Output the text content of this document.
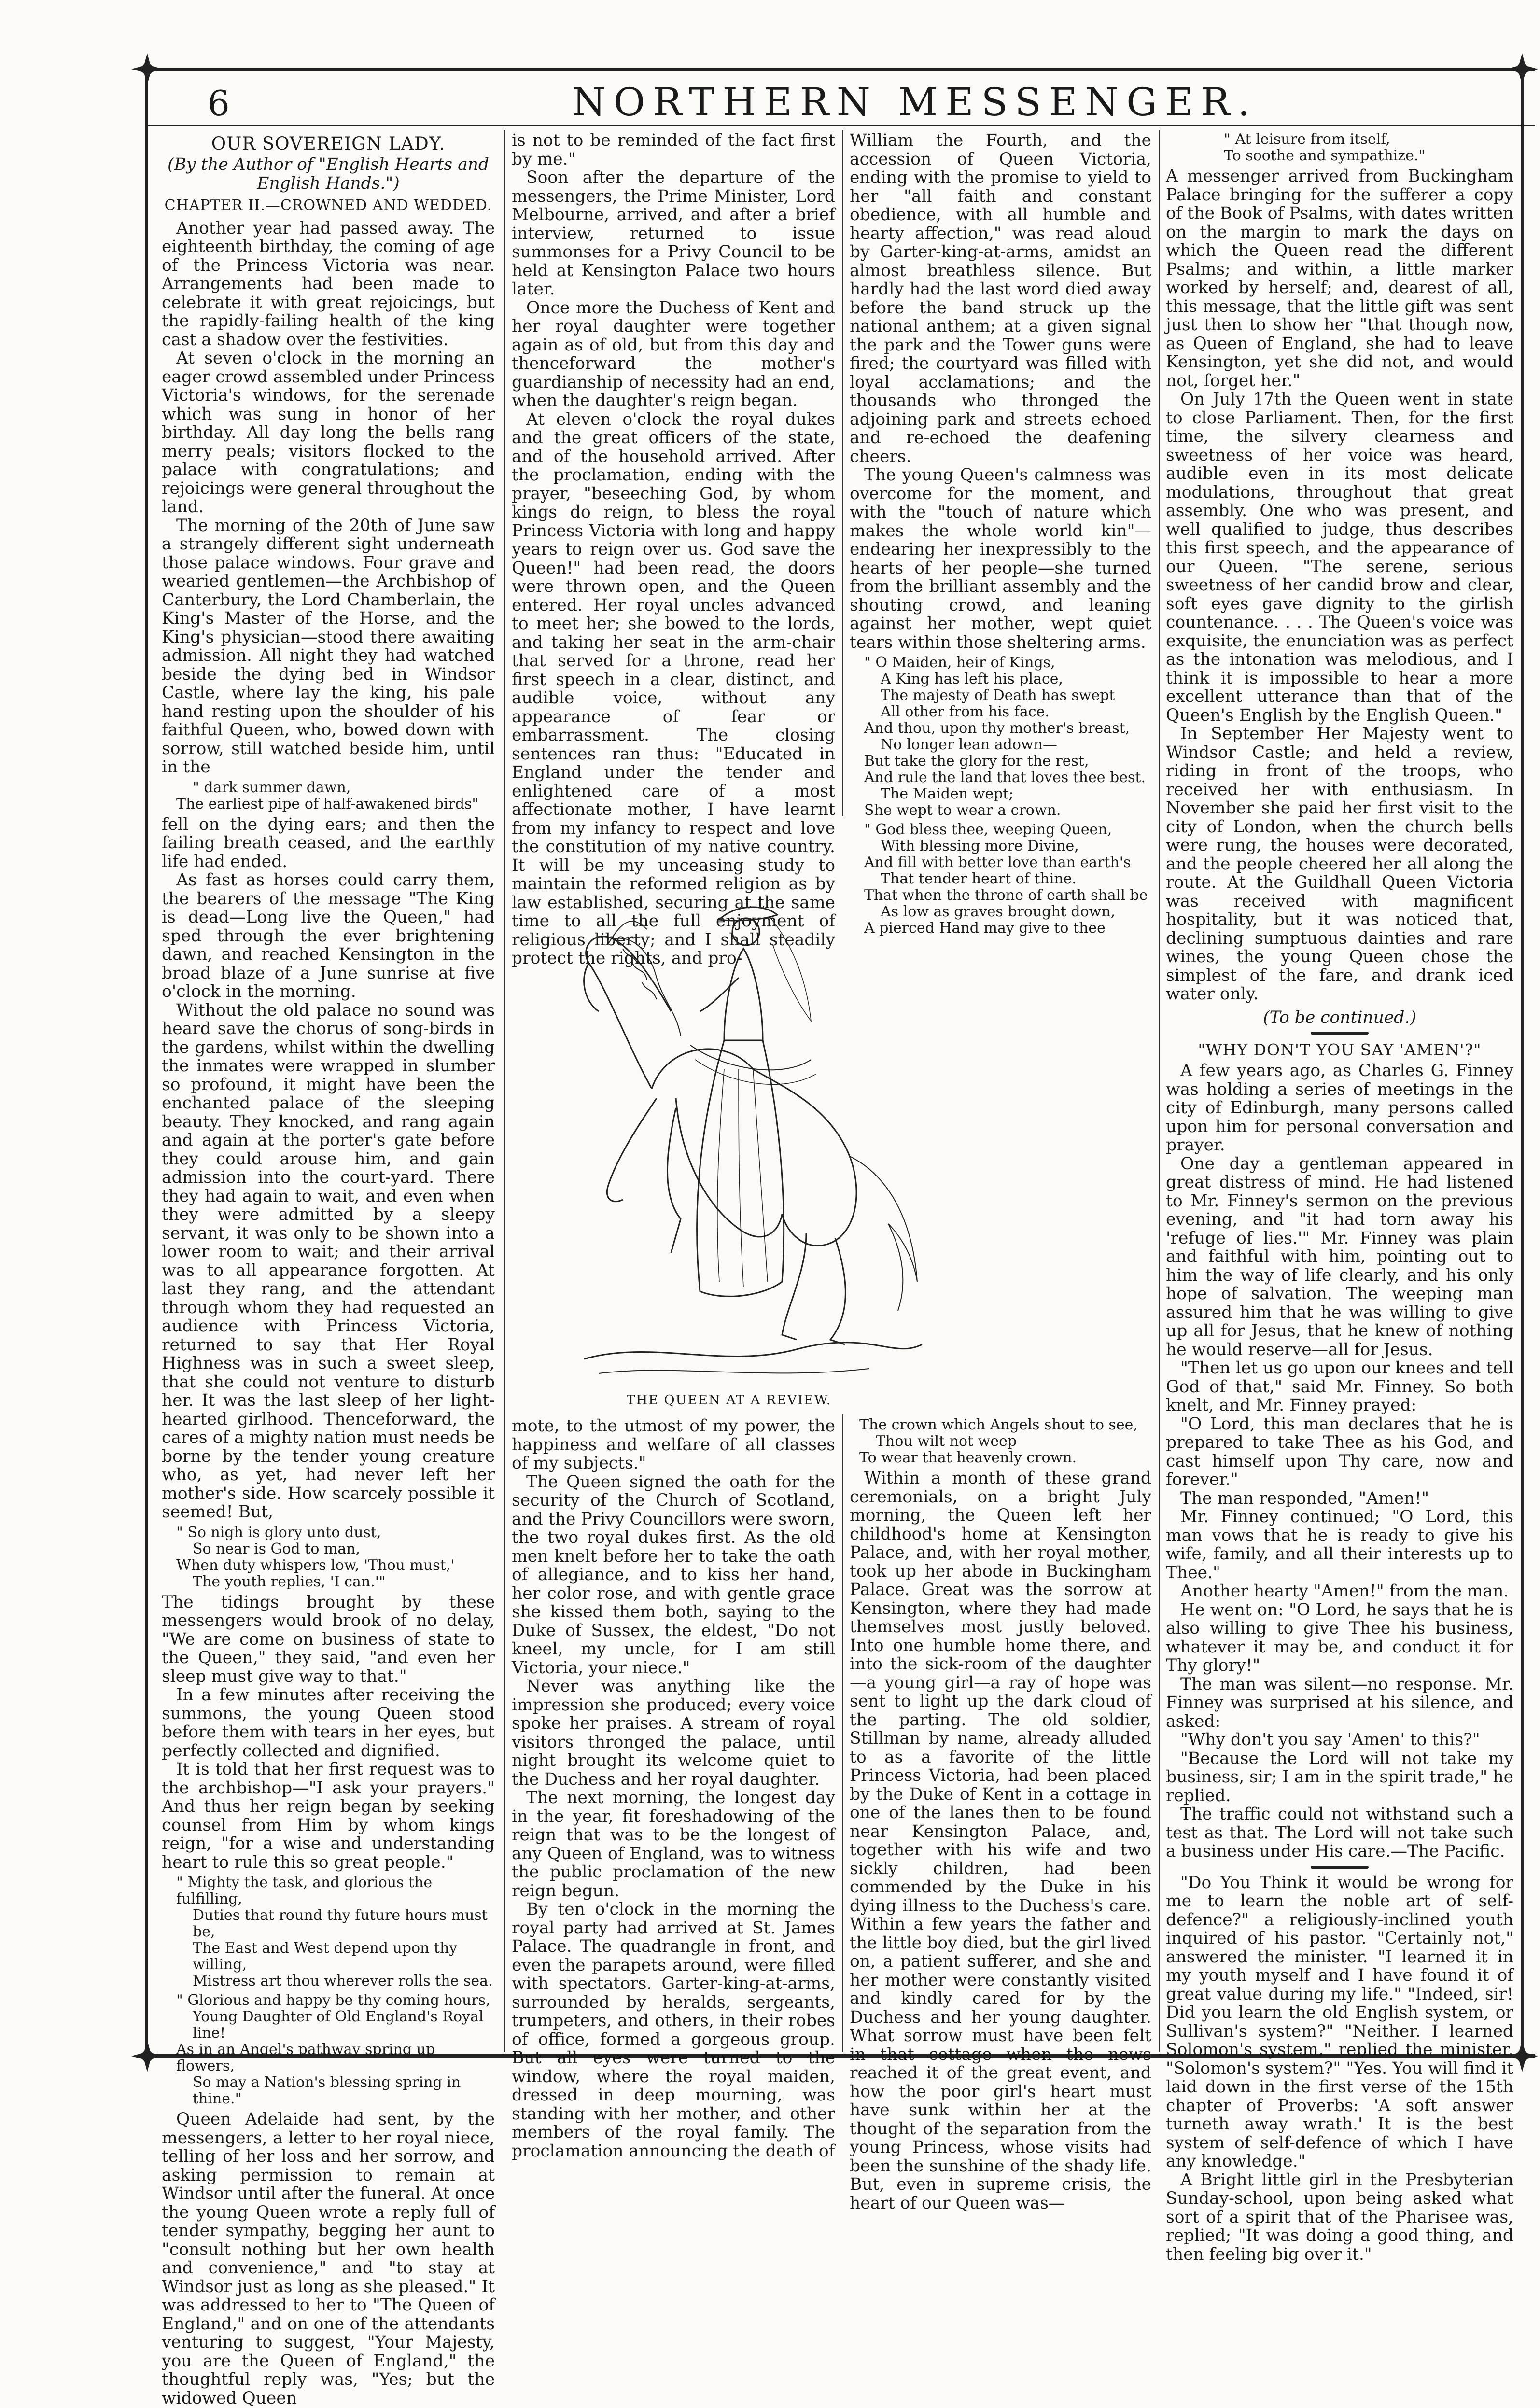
6	NORTHERN MESSENGER.

OUR SOVEREIGN LADY.

(By the Author of "English Hearts and English Hands.")

CHAPTER II.—CROWNED AND WEDDED.

Another year had passed away. The eighteenth birthday, the coming of age of the Princess Victoria was near. Arrangements had been made to celebrate it with great rejoicings, but the rapidly-failing health of the king cast a shadow over the festivities.

At seven o'clock in the morning an eager crowd assembled under Princess Victoria's windows, for the serenade which was sung in honor of her birthday. All day long the bells rang merry peals; visitors flocked to the palace with congratulations; and rejoicings were general throughout the land.

The morning of the 20th of June saw a strangely different sight underneath those palace windows. Four grave and wearied gentlemen—the Archbishop of Canterbury, the Lord Chamberlain, the King's Master of the Horse, and the King's physician—stood there awaiting admission. All night they had watched beside the dying bed in Windsor Castle, where lay the king, his pale hand resting upon the shoulder of his faithful Queen, who, bowed down with sorrow, still watched beside him, until in the

" dark summer dawn,
The earliest pipe of half-awakened birds"

fell on the dying ears; and then the failing breath ceased, and the earthly life had ended.

As fast as horses could carry them, the bearers of the message "The King is dead—Long live the Queen," had sped through the ever brightening dawn, and reached Kensington in the broad blaze of a June sunrise at five o'clock in the morning.

Without the old palace no sound was heard save the chorus of song-birds in the gardens, whilst within the dwelling the inmates were wrapped in slumber so profound, it might have been the enchanted palace of the sleeping beauty. They knocked, and rang again and again at the porter's gate before they could arouse him, and gain admission into the court-yard. There they had again to wait, and even when they were admitted by a sleepy servant, it was only to be shown into a lower room to wait; and their arrival was to all appearance forgotten. At last they rang, and the attendant through whom they had requested an audience with Princess Victoria, returned to say that Her Royal Highness was in such a sweet sleep, that she could not venture to disturb her. It was the last sleep of her light-hearted girlhood. Thenceforward, the cares of a mighty nation must needs be borne by the tender young creature who, as yet, had never left her mother's side. How scarcely possible it seemed! But,

" So nigh is glory unto dust,
So near is God to man,
When duty whispers low, 'Thou must,'
The youth replies, 'I can.'"

The tidings brought by these messengers would brook of no delay, "We are come on business of state to the Queen," they said, "and even her sleep must give way to that."

In a few minutes after receiving the summons, the young Queen stood before them with tears in her eyes, but perfectly collected and dignified.

It is told that her first request was to the archbishop—"I ask your prayers." And thus her reign began by seeking counsel from Him by whom kings reign, "for a wise and understanding heart to rule this so great people."

" Mighty the task, and glorious the fulfilling,
Duties that round thy future hours must be,
The East and West depend upon thy willing,
Mistress art thou wherever rolls the sea.
" Glorious and happy be thy coming hours,
Young Daughter of Old England's Royal line!
As in an Angel's pathway spring up flowers,
So may a Nation's blessing spring in thine."

Queen Adelaide had sent, by the messengers, a letter to her royal niece, telling of her loss and her sorrow, and asking permission to remain at Windsor until after the funeral. At once the young Queen wrote a reply full of tender sympathy, begging her aunt to "consult nothing but her own health and convenience," and "to stay at Windsor just as long as she pleased." It was addressed to her to "The Queen of England," and on one of the attendants venturing to suggest, "Your Majesty, you are the Queen of England," the thoughtful reply was, "Yes; but the widowed Queen

is not to be reminded of the fact first by me."

Soon after the departure of the messengers, the Prime Minister, Lord Melbourne, arrived, and after a brief interview, returned to issue summonses for a Privy Council to be held at Kensington Palace two hours later.

Once more the Duchess of Kent and her royal daughter were together again as of old, but from this day and thenceforward the mother's guardianship of necessity had an end, when the daughter's reign began.

At eleven o'clock the royal dukes and the great officers of the state, and of the household arrived. After the proclamation, ending with the prayer, "beseeching God, by whom kings do reign, to bless the royal Princess Victoria with long and happy years to reign over us. God save the Queen!" had been read, the doors were thrown open, and the Queen entered. Her royal uncles advanced to meet her; she bowed to the lords, and taking her seat in the arm-chair that served for a throne, read her first speech in a clear, distinct, and audible voice, without any appearance of fear or embarrassment. The closing sentences ran thus: "Educated in England under the tender and enlightened care of a most affectionate mother, I have learnt from my infancy to respect and love the constitution of my native country. It will be my unceasing study to maintain the reformed religion as by law established, securing at the same time to all the full enjoyment of religious liberty; and I shall steadily protect the rights, and pro-

William the Fourth, and the accession of Queen Victoria, ending with the promise to yield to her "all faith and constant obedience, with all humble and hearty affection," was read aloud by Garter-king-at-arms, amidst an almost breathless silence. But hardly had the last word died away before the band struck up the national anthem; at a given signal the park and the Tower guns were fired; the courtyard was filled with loyal acclamations; and the thousands who thronged the adjoining park and streets echoed and re-echoed the deafening cheers.

The young Queen's calmness was overcome for the moment, and with the "touch of nature which makes the whole world kin"—endearing her inexpressibly to the hearts of her people—she turned from the brilliant assembly and the shouting crowd, and leaning against her mother, wept quiet tears within those sheltering arms.

" O Maiden, heir of Kings,
A King has left his place,
The majesty of Death has swept
All other from his face.
And thou, upon thy mother's breast,
No longer lean adown—
But take the glory for the rest,
And rule the land that loves thee best.
The Maiden wept;
She wept to wear a crown.
" God bless thee, weeping Queen,
With blessing more Divine,
And fill with better love than earth's
That tender heart of thine.
That when the throne of earth shall be
As low as graves brought down,
A pierced Hand may give to thee
THE QUEEN AT A REVIEW.

mote, to the utmost of my power, the happiness and welfare of all classes of my subjects."

The Queen signed the oath for the security of the Church of Scotland, and the Privy Councillors were sworn, the two royal dukes first. As the old men knelt before her to take the oath of allegiance, and to kiss her hand, her color rose, and with gentle grace she kissed them both, saying to the Duke of Sussex, the eldest, "Do not kneel, my uncle, for I am still Victoria, your niece."

Never was anything like the impression she produced; every voice spoke her praises. A stream of royal visitors thronged the palace, until night brought its welcome quiet to the Duchess and her royal daughter.

The next morning, the longest day in the year, fit foreshadowing of the reign that was to be the longest of any Queen of England, was to witness the public proclamation of the new reign begun.

By ten o'clock in the morning the royal party had arrived at St. James Palace. The quadrangle in front, and even the parapets around, were filled with spectators. Garter-king-at-arms, surrounded by heralds, sergeants, trumpeters, and others, in their robes of office, formed a gorgeous group. But all eyes were turned to the window, where the royal maiden, dressed in deep mourning, was standing with her mother, and other members of the royal family. The proclamation announcing the death of

The crown which Angels shout to see,
Thou wilt not weep
To wear that heavenly crown.

Within a month of these grand ceremonials, on a bright July morning, the Queen left her childhood's home at Kensington Palace, and, with her royal mother, took up her abode in Buckingham Palace. Great was the sorrow at Kensington, where they had made themselves most justly beloved. Into one humble home there, and into the sick-room of the daughter—a young girl—a ray of hope was sent to light up the dark cloud of the parting. The old soldier, Stillman by name, already alluded to as a favorite of the little Princess Victoria, had been placed by the Duke of Kent in a cottage in one of the lanes then to be found near Kensington Palace, and, together with his wife and two sickly children, had been commended by the Duke in his dying illness to the Duchess's care. Within a few years the father and the little boy died, but the girl lived on, a patient sufferer, and she and her mother were constantly visited and kindly cared for by the Duchess and her young daughter. What sorrow must have been felt in that cottage when the news reached it of the great event, and how the poor girl's heart must have sunk within her at the thought of the separation from the young Princess, whose visits had been the sunshine of the shady life. But, even in supreme crisis, the heart of our Queen was—

" At leisure from itself,
To soothe and sympathize."

A messenger arrived from Buckingham Palace bringing for the sufferer a copy of the Book of Psalms, with dates written on the margin to mark the days on which the Queen read the different Psalms; and within, a little marker worked by herself; and, dearest of all, this message, that the little gift was sent just then to show her "that though now, as Queen of England, she had to leave Kensington, yet she did not, and would not, forget her."

On July 17th the Queen went in state to close Parliament. Then, for the first time, the silvery clearness and sweetness of her voice was heard, audible even in its most delicate modulations, throughout that great assembly. One who was present, and well qualified to judge, thus describes this first speech, and the appearance of our Queen. "The serene, serious sweetness of her candid brow and clear, soft eyes gave dignity to the girlish countenance. . . . The Queen's voice was exquisite, the enunciation was as perfect as the intonation was melodious, and I think it is impossible to hear a more excellent utterance than that of the Queen's English by the English Queen."

In September Her Majesty went to Windsor Castle; and held a review, riding in front of the troops, who received her with enthusiasm. In November she paid her first visit to the city of London, when the church bells were rung, the houses were decorated, and the people cheered her all along the route. At the Guildhall Queen Victoria was received with magnificent hospitality, but it was noticed that, declining sumptuous dainties and rare wines, the young Queen chose the simplest of the fare, and drank iced water only.

(To be continued.)

"WHY DON'T YOU SAY 'AMEN'?"

A few years ago, as Charles G. Finney was holding a series of meetings in the city of Edinburgh, many persons called upon him for personal conversation and prayer.

One day a gentleman appeared in great distress of mind. He had listened to Mr. Finney's sermon on the previous evening, and "it had torn away his 'refuge of lies.'" Mr. Finney was plain and faithful with him, pointing out to him the way of life clearly, and his only hope of salvation. The weeping man assured him that he was willing to give up all for Jesus, that he knew of nothing he would reserve—all for Jesus.

"Then let us go upon our knees and tell God of that," said Mr. Finney. So both knelt, and Mr. Finney prayed:

"O Lord, this man declares that he is prepared to take Thee as his God, and cast himself upon Thy care, now and forever."

The man responded, "Amen!"

Mr. Finney continued; "O Lord, this man vows that he is ready to give his wife, family, and all their interests up to Thee."

Another hearty "Amen!" from the man.

He went on: "O Lord, he says that he is also willing to give Thee his business, whatever it may be, and conduct it for Thy glory!"

The man was silent—no response. Mr. Finney was surprised at his silence, and asked:

"Why don't you say 'Amen' to this?"

"Because the Lord will not take my business, sir; I am in the spirit trade," he replied.

The traffic could not withstand such a test as that. The Lord will not take such a business under His care.—The Pacific.

"Do You Think it would be wrong for me to learn the noble art of self-defence?" a religiously-inclined youth inquired of his pastor. "Certainly not," answered the minister. "I learned it in my youth myself and I have found it of great value during my life." "Indeed, sir! Did you learn the old English system, or Sullivan's system?" "Neither. I learned Solomon's system," replied the minister. "Solomon's system?" "Yes. You will find it laid down in the first verse of the 15th chapter of Proverbs: 'A soft answer turneth away wrath.' It is the best system of self-defence of which I have any knowledge."

A Bright little girl in the Presbyterian Sunday-school, upon being asked what sort of a spirit that of the Pharisee was, replied; "It was doing a good thing, and then feeling big over it."
